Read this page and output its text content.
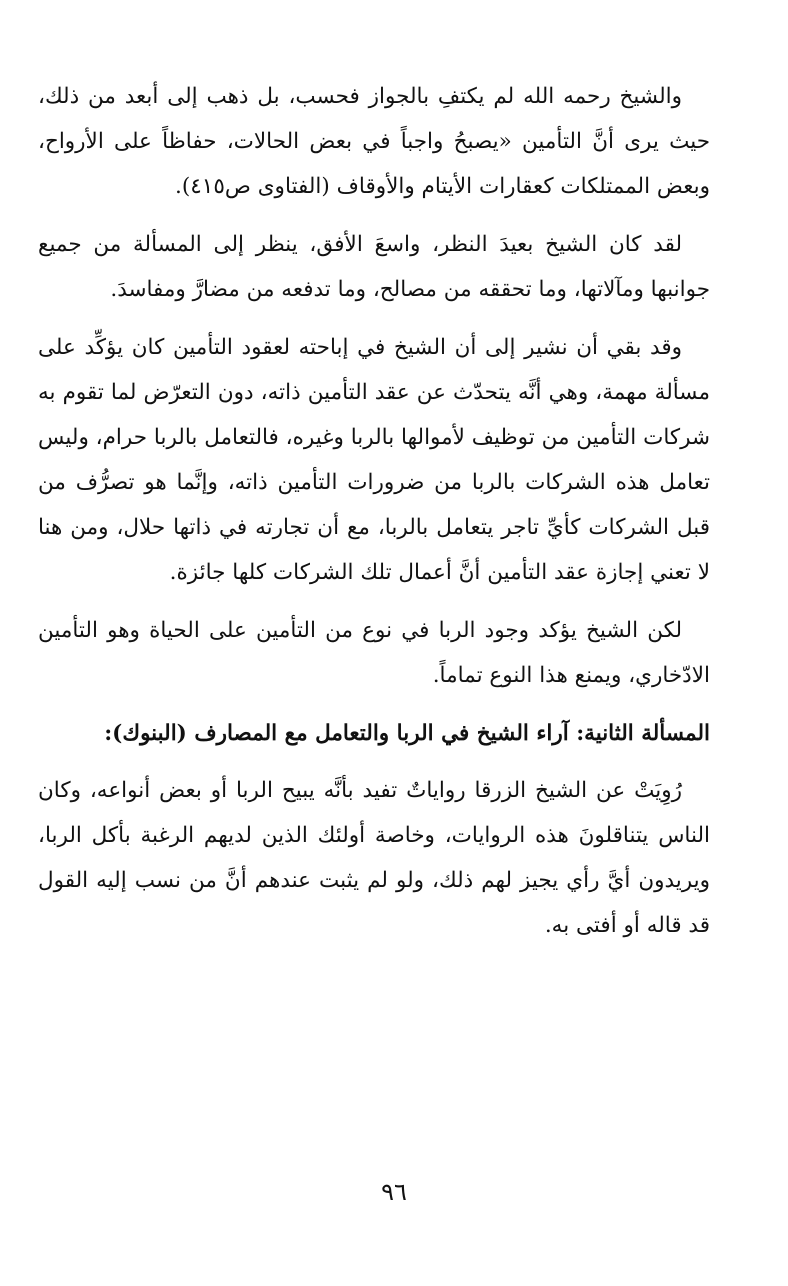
والشيخ رحمه الله لم يكتفِ بالجواز فحسب، بل ذهب إلى أبعد من ذلك، حيث يرى أنَّ التأمين «يصبحُ واجباً في بعض الحالات، حفاظاً على الأرواح، وبعض الممتلكات كعقارات الأيتام والأوقاف (الفتاوى ص٤١٥).

لقد كان الشيخ بعيدَ النظر، واسعَ الأفق، ينظر إلى المسألة من جميع جوانبها ومآلاتها، وما تحققه من مصالح، وما تدفعه من مضارَّ ومفاسدَ.

وقد بقي أن نشير إلى أن الشيخ في إباحته لعقود التأمين كان يؤكِّد على مسألة مهمة، وهي أنَّه يتحدّث عن عقد التأمين ذاته، دون التعرّض لما تقوم به شركات التأمين من توظيف لأموالها بالربا وغيره، فالتعامل بالربا حرام، وليس تعامل هذه الشركات بالربا من ضرورات التأمين ذاته، وإنَّما هو تصرُّف من قبل الشركات كأيِّ تاجر يتعامل بالربا، مع أن تجارته في ذاتها حلال، ومن هنا لا تعني إجازة عقد التأمين أنَّ أعمال تلك الشركات كلها جائزة.

لكن الشيخ يؤكد وجود الربا في نوع من التأمين على الحياة وهو التأمين الادّخاري، ويمنع هذا النوع تماماً.

المسألة الثانية: آراء الشيخ في الربا والتعامل مع المصارف (البنوك):

رُوِيَتْ عن الشيخ الزرقا رواياتٌ تفيد بأنَّه يبيح الربا أو بعض أنواعه، وكان الناس يتناقلونَ هذه الروايات، وخاصة أولئك الذين لديهم الرغبة بأكل الربا، ويريدون أيَّ رأي يجيز لهم ذلك، ولو لم يثبت عندهم أنَّ من نسب إليه القول قد قاله أو أفتى به.

٩٦
